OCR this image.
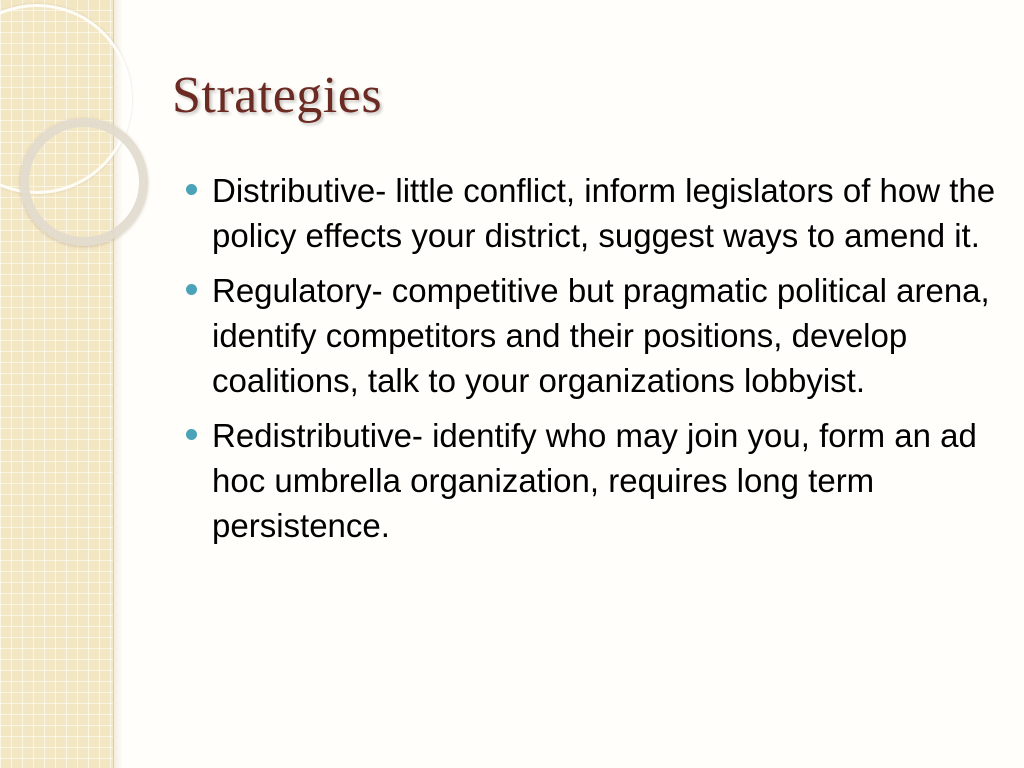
Strategies
Distributive- little conflict, inform legislators of how the policy effects your district, suggest ways to amend it.
Regulatory- competitive but pragmatic political arena, identify competitors and their positions, develop coalitions, talk to your organizations lobbyist.
Redistributive- identify who may join you, form an ad hoc umbrella organization, requires long term persistence.
